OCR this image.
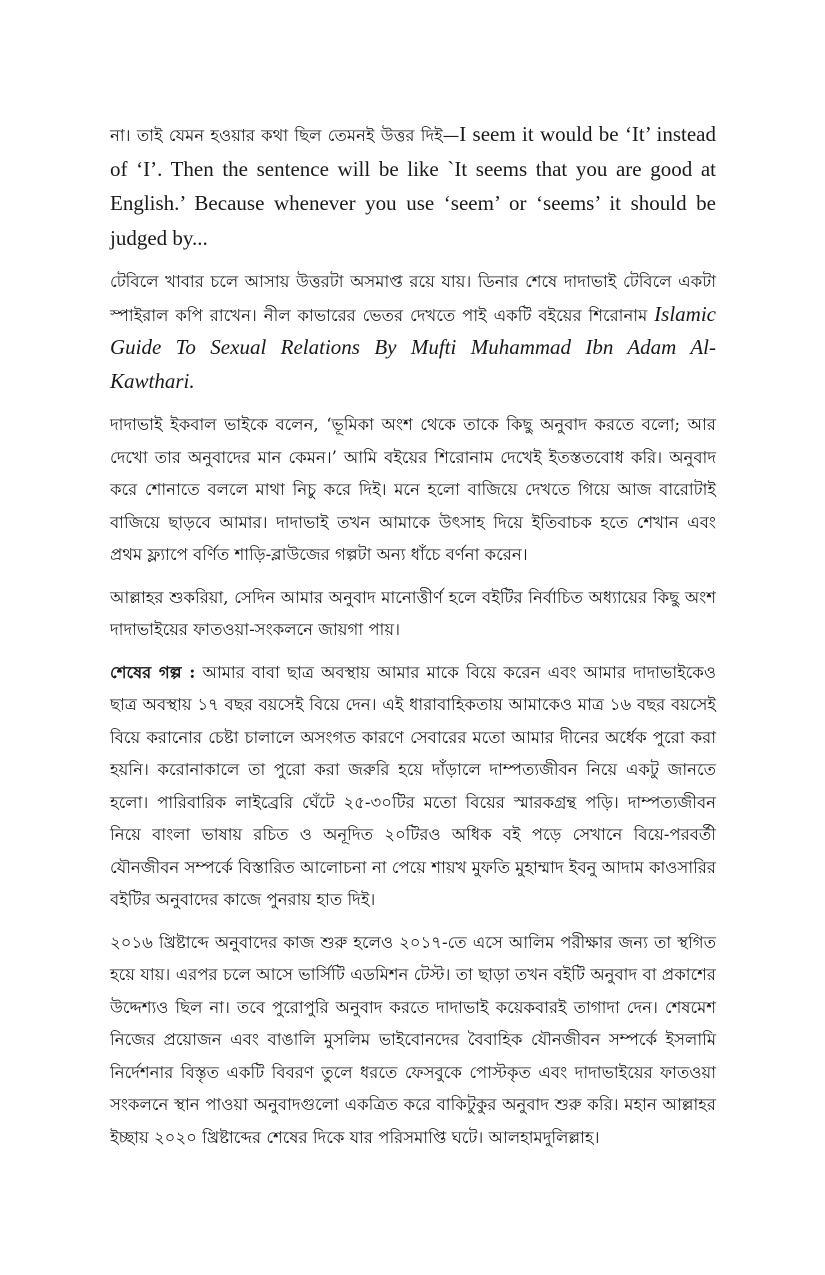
না। তাই যেমন হওয়ার কথা ছিল তেমনই উত্তর দিই—I seem it would be ‘It’ instead of ‘I’. Then the sentence will be like `It seems that you are good at English.’ Because whenever you use ‘seem’ or ‘seems’ it should be judged by...

টেবিলে খাবার চলে আসায় উত্তরটা অসমাপ্ত রয়ে যায়। ডিনার শেষে দাদাভাই টেবিলে একটা স্পাইরাল কপি রাখেন। নীল কাভারের ভেতর দেখতে পাই একটি বইয়ের শিরোনাম Islamic Guide To Sexual Relations By Mufti Muhammad Ibn Adam Al-Kawthari.

দাদাভাই ইকবাল ভাইকে বলেন, ‘ভূমিকা অংশ থেকে তাকে কিছু অনুবাদ করতে বলো; আর দেখো তার অনুবাদের মান কেমন।’ আমি বইয়ের শিরোনাম দেখেই ইতস্ততবোধ করি। অনুবাদ করে শোনাতে বললে মাথা নিচু করে দিই। মনে হলো বাজিয়ে দেখতে গিয়ে আজ বারোটাই বাজিয়ে ছাড়বে আমার। দাদাভাই তখন আমাকে উৎসাহ দিয়ে ইতিবাচক হতে শেখান এবং প্রথম ফ্ল্যাপে বর্ণিত শাড়ি-ব্লাউজের গল্পটা অন্য ধাঁচে বর্ণনা করেন।

আল্লাহর শুকরিয়া, সেদিন আমার অনুবাদ মানোত্তীর্ণ হলে বইটির নির্বাচিত অধ্যায়ের কিছু অংশ দাদাভাইয়ের ফাতওয়া-সংকলনে জায়গা পায়।

শেষের গল্প : আমার বাবা ছাত্র অবস্থায় আমার মাকে বিয়ে করেন এবং আমার দাদাভাইকেও ছাত্র অবস্থায় ১৭ বছর বয়সেই বিয়ে দেন। এই ধারাবাহিকতায় আমাকেও মাত্র ১৬ বছর বয়সেই বিয়ে করানোর চেষ্টা চালালে অসংগত কারণে সেবারের মতো আমার দীনের অর্ধেক পুরো করা হয়নি। করোনাকালে তা পুরো করা জরুরি হয়ে দাঁড়ালে দাম্পত্যজীবন নিয়ে একটু জানতে হলো। পারিবারিক লাইব্রেরি ঘেঁটে ২৫-৩০টির মতো বিয়ের স্মারকগ্রন্থ পড়ি। দাম্পত্যজীবন নিয়ে বাংলা ভাষায় রচিত ও অনূদিত ২০টিরও অধিক বই পড়ে সেখানে বিয়ে-পরবর্তী যৌনজীবন সম্পর্কে বিস্তারিত আলোচনা না পেয়ে শায়খ মুফতি মুহাম্মাদ ইবনু আদাম কাওসারির বইটির অনুবাদের কাজে পুনরায় হাত দিই।

২০১৬ খ্রিষ্টাব্দে অনুবাদের কাজ শুরু হলেও ২০১৭-তে এসে আলিম পরীক্ষার জন্য তা স্থগিত হয়ে যায়। এরপর চলে আসে ভার্সিটি এডমিশন টেস্ট। তা ছাড়া তখন বইটি অনুবাদ বা প্রকাশের উদ্দেশ্যও ছিল না। তবে পুরোপুরি অনুবাদ করতে দাদাভাই কয়েকবারই তাগাদা দেন। শেষমেশ নিজের প্রয়োজন এবং বাঙালি মুসলিম ভাইবোনদের বৈবাহিক যৌনজীবন সম্পর্কে ইসলামি নির্দেশনার বিস্তৃত একটি বিবরণ তুলে ধরতে ফেসবুকে পোস্টকৃত এবং দাদাভাইয়ের ফাতওয়া সংকলনে স্থান পাওয়া অনুবাদগুলো একত্রিত করে বাকিটুকুর অনুবাদ শুরু করি। মহান আল্লাহর ইচ্ছায় ২০২০ খ্রিষ্টাব্দের শেষের দিকে যার পরিসমাপ্তি ঘটে। আলহামদুলিল্লাহ।
